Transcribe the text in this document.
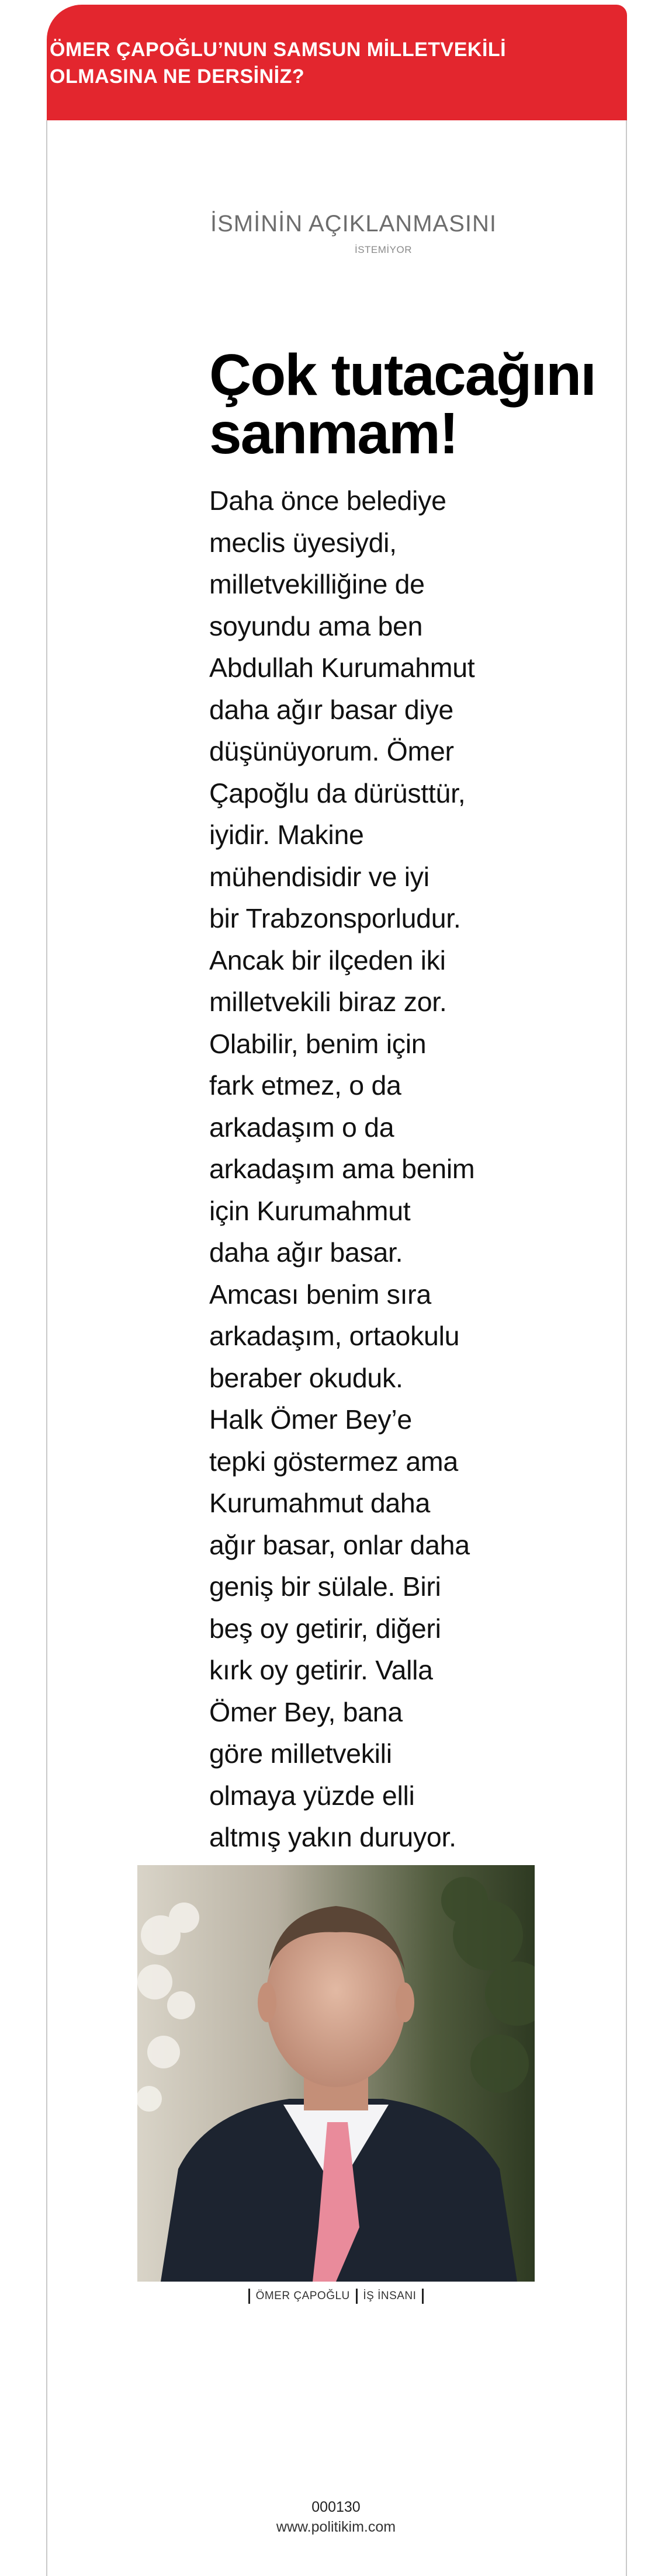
ÖMER ÇAPOĞLU’NUN SAMSUN MİLLETVEKİLİ OLMASINA NE DERSİNİZ?
İSMİNİN AÇIKLANMASINI
İSTEMİYOR
Çok tutacağını
sanmam!
Daha önce belediye
meclis üyesiydi,
milletvekilliğine de
soyundu ama ben
Abdullah Kurumahmut
daha ağır basar diye
düşünüyorum. Ömer
Çapoğlu da dürüsttür,
iyidir. Makine
mühendisidir ve iyi
bir Trabzonsporludur.
Ancak bir ilçeden iki
milletvekili biraz zor.
Olabilir, benim için
fark etmez, o da
arkadaşım o da
arkadaşım ama benim
için Kurumahmut
daha ağır basar.
Amcası benim sıra
arkadaşım, ortaokulu
beraber okuduk.
Halk Ömer Bey’e
tepki göstermez ama
Kurumahmut daha
ağır basar, onlar daha
geniş bir sülale. Biri
beş oy getirir, diğeri
kırk oy getirir. Valla
Ömer Bey, bana
göre milletvekili
olmaya yüzde elli
altmış yakın duruyor.
ÖMER ÇAPOĞLU İŞ İNSANI
000130
www.politikim.com
